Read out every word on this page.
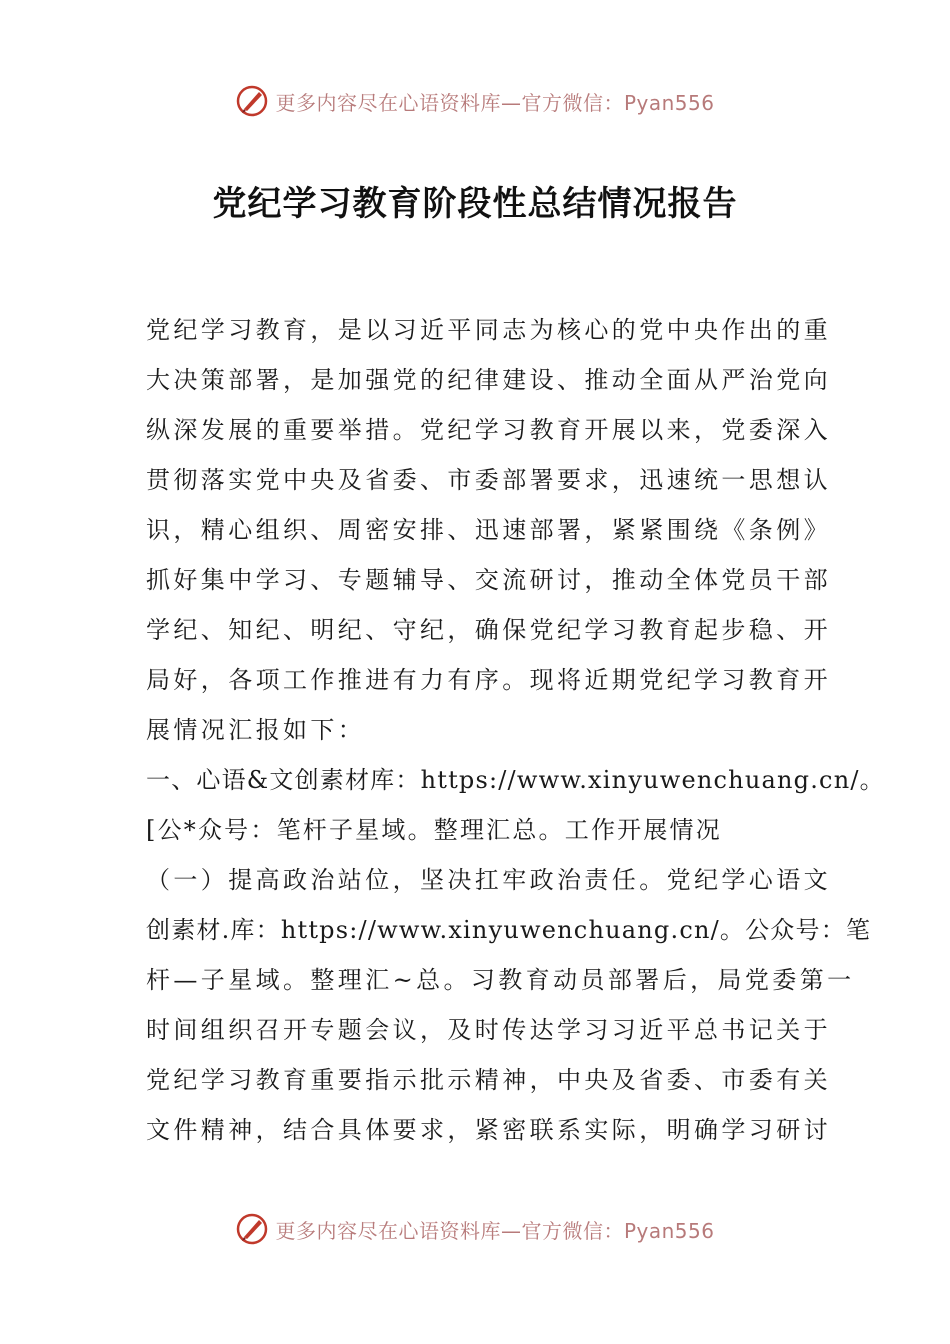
更多内容尽在心语资料库—官方微信：Pyan556
党纪学习教育阶段性总结情况报告
党纪学习教育，是以习近平同志为核心的党中央作出的重
大决策部署，是加强党的纪律建设、推动全面从严治党向
纵深发展的重要举措。党纪学习教育开展以来，党委深入
贯彻落实党中央及省委、市委部署要求，迅速统一思想认
识，精心组织、周密安排、迅速部署，紧紧围绕《条例》
抓好集中学习、专题辅导、交流研讨，推动全体党员干部
学纪、知纪、明纪、守纪，确保党纪学习教育起步稳、开
局好，各项工作推进有力有序。现将近期党纪学习教育开
展情况汇报如下：
一、心语&文创素材库：https://www.xinyuwenchuang.cn/。
[公*众号：笔杆子星域。整理汇总。工作开展情况
（一）提高政治站位，坚决扛牢政治责任。党纪学心语文
创素材.库：https://www.xinyuwenchuang.cn/。公众号：笔
杆—子星域。整理汇~总。习教育动员部署后，局党委第一
时间组织召开专题会议，及时传达学习习近平总书记关于
党纪学习教育重要指示批示精神，中央及省委、市委有关
文件精神，结合具体要求，紧密联系实际，明确学习研讨
更多内容尽在心语资料库—官方微信：Pyan556
